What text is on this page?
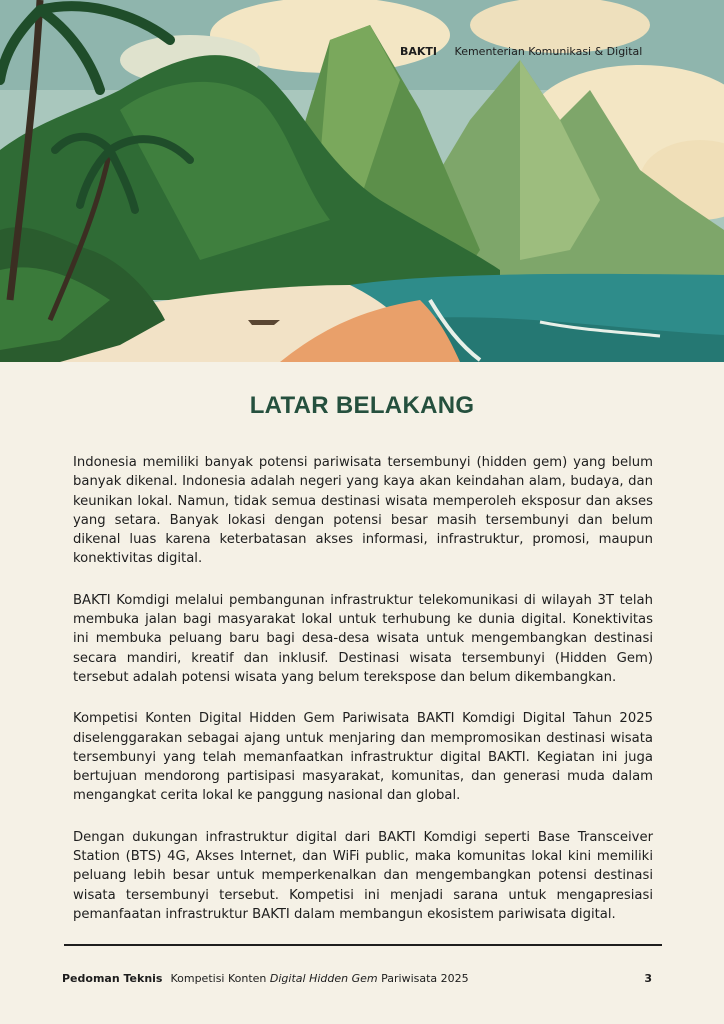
BAKTI Kementerian Komunikasi & Digital
LATAR BELAKANG

Indonesia memiliki banyak potensi pariwisata tersembunyi (hidden gem) yang belum banyak dikenal. Indonesia adalah negeri yang kaya akan keindahan alam, budaya, dan keunikan lokal. Namun, tidak semua destinasi wisata memperoleh eksposur dan akses yang setara. Banyak lokasi dengan potensi besar masih tersembunyi dan belum dikenal luas karena keterbatasan akses informasi, infrastruktur, promosi, maupun konektivitas digital.

BAKTI Komdigi melalui pembangunan infrastruktur telekomunikasi di wilayah 3T telah membuka jalan bagi masyarakat lokal untuk terhubung ke dunia digital. Konektivitas ini membuka peluang baru bagi desa-desa wisata untuk mengembangkan destinasi secara mandiri, kreatif dan inklusif. Destinasi wisata tersembunyi (Hidden Gem) tersebut adalah potensi wisata yang belum terekspose dan belum dikembangkan.

Kompetisi Konten Digital Hidden Gem Pariwisata BAKTI Komdigi Digital Tahun 2025 diselenggarakan sebagai ajang untuk menjaring dan mempromosikan destinasi wisata tersembunyi yang telah memanfaatkan infrastruktur digital BAKTI. Kegiatan ini juga bertujuan mendorong partisipasi masyarakat, komunitas, dan generasi muda dalam mengangkat cerita lokal ke panggung nasional dan global.

Dengan dukungan infrastruktur digital dari BAKTI Komdigi seperti Base Transceiver Station (BTS) 4G, Akses Internet, dan WiFi public, maka komunitas lokal kini memiliki peluang lebih besar untuk memperkenalkan dan mengembangkan potensi destinasi wisata tersembunyi tersebut. Kompetisi ini menjadi sarana untuk mengapresiasi pemanfaatan infrastruktur BAKTI dalam membangun ekosistem pariwisata digital.

Pedoman Teknis Kompetisi Konten Digital Hidden Gem Pariwisata 2025	3
